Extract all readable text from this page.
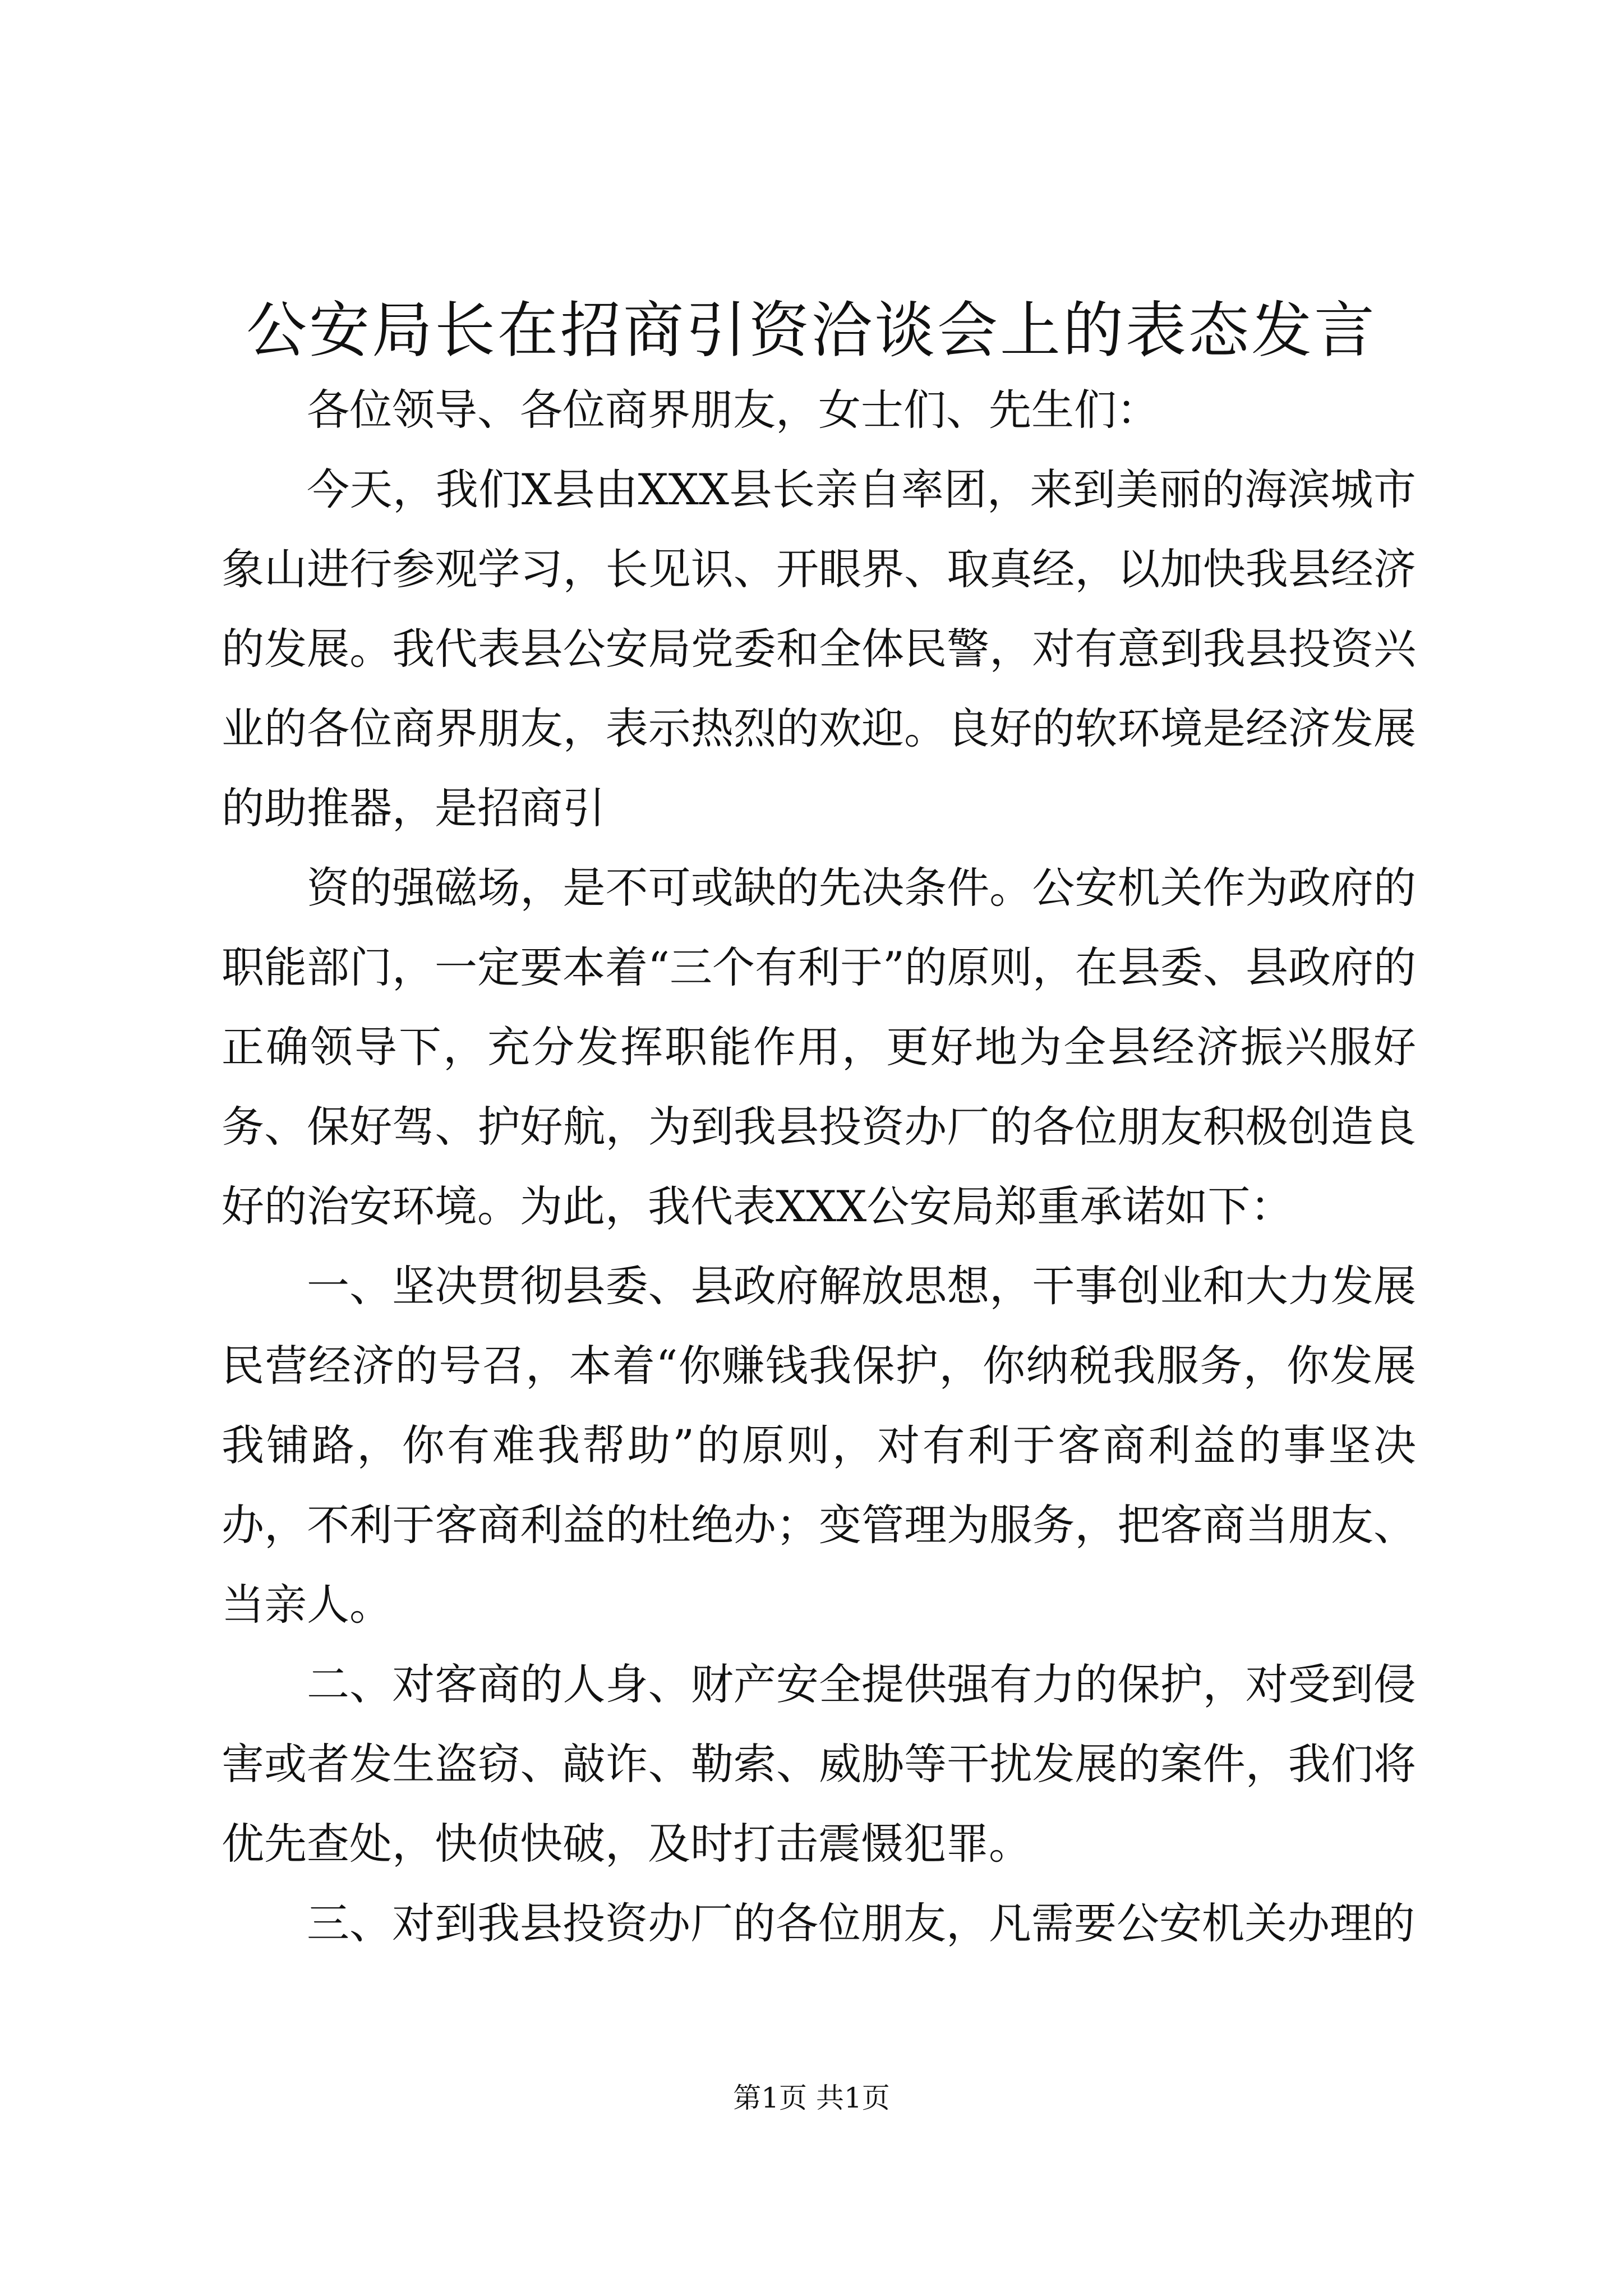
公安局长在招商引资洽谈会上的表态发言

各位领导、各位商界朋友，女士们、先生们：

今天，我们X县由XXX县长亲自率团，来到美丽的海滨城市象山进行参观学习，长见识、开眼界、取真经，以加快我县经济的发展。我代表县公安局党委和全体民警，对有意到我县投资兴业的各位商界朋友，表示热烈的欢迎。良好的软环境是经济发展的助推器，是招商引

资的强磁场，是不可或缺的先决条件。公安机关作为政府的职能部门，一定要本着“三个有利于”的原则，在县委、县政府的正确领导下，充分发挥职能作用，更好地为全县经济振兴服好务、保好驾、护好航，为到我县投资办厂的各位朋友积极创造良好的治安环境。为此，我代表XXX公安局郑重承诺如下：

一、坚决贯彻县委、县政府解放思想，干事创业和大力发展民营经济的号召，本着“你赚钱我保护，你纳税我服务，你发展我铺路，你有难我帮助”的原则，对有利于客商利益的事坚决办，不利于客商利益的杜绝办；变管理为服务，把客商当朋友、当亲人。

二、对客商的人身、财产安全提供强有力的保护，对受到侵害或者发生盗窃、敲诈、勒索、威胁等干扰发展的案件，我们将优先查处，快侦快破，及时打击震慑犯罪。

三、对到我县投资办厂的各位朋友，凡需要公安机关办理的

第1页 共1页
